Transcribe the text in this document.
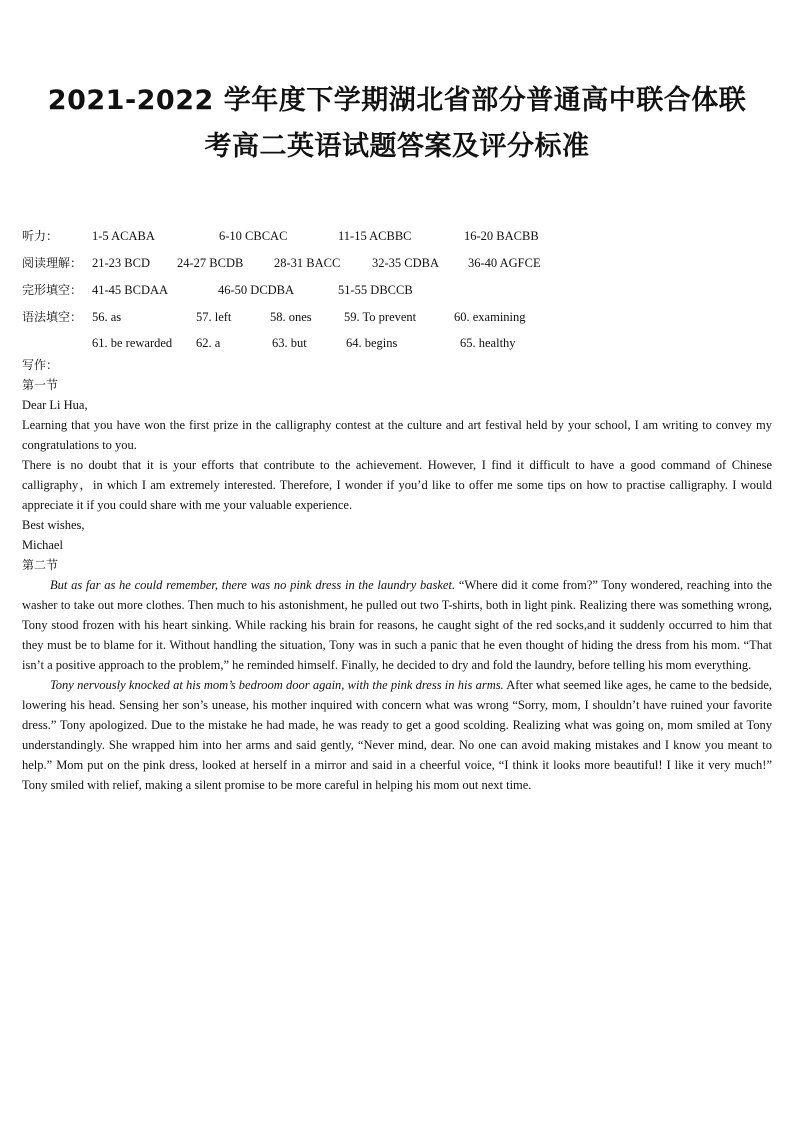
2021-2022 学年度下学期湖北省部分普通高中联合体联
考高二英语试题答案及评分标准
听力：	1-5 ACABA	6-10 CBCAC	11-15 ACBBC	16-20 BACBB
阅读理解： 21-23 BCD 24-27 BCDB 28-31 BACC	32-35 CDBA 36-40 AGFCE
完形填空： 41-45 BCDAA	46-50 DCDBA	51-55 DBCCB
语法填空： 56. as	57. left	58. ones	59. To prevent	60. examining
61. be rewarded 62. a	63. but	64. begins	65. healthy
写作：
第一节
Dear Li Hua,

Learning that you have won the first prize in the calligraphy contest at the culture and art festival held by your school, I am writing to convey my congratulations to you.

There is no doubt that it is your efforts that contribute to the achievement. However, I find it difficult to have a good command of Chinese calligraphy，in which I am extremely interested. Therefore, I wonder if you’d like to offer me some tips on how to practise calligraphy. I would appreciate it if you could share with me your valuable experience.

Best wishes,
Michael
第二节

But as far as he could remember, there was no pink dress in the laundry basket. “Where did it come from?” Tony wondered, reaching into the washer to take out more clothes. Then much to his astonishment, he pulled out two T-shirts, both in light pink. Realizing there was something wrong, Tony stood frozen with his heart sinking. While racking his brain for reasons, he caught sight of the red socks,and it suddenly occurred to him that they must be to blame for it. Without handling the situation, Tony was in such a panic that he even thought of hiding the dress from his mom. “That isn’t a positive approach to the problem,” he reminded himself. Finally, he decided to dry and fold the laundry, before telling his mom everything.

Tony nervously knocked at his mom’s bedroom door again, with the pink dress in his arms. After what seemed like ages, he came to the bedside, lowering his head. Sensing her son’s unease, his mother inquired with concern what was wrong “Sorry, mom, I shouldn’t have ruined your favorite dress.” Tony apologized. Due to the mistake he had made, he was ready to get a good scolding. Realizing what was going on, mom smiled at Tony understandingly. She wrapped him into her arms and said gently, “Never mind, dear. No one can avoid making mistakes and I know you meant to help.” Mom put on the pink dress, looked at herself in a mirror and said in a cheerful voice, “I think it looks more beautiful! I like it very much!” Tony smiled with relief, making a silent promise to be more careful in helping his mom out next time.
